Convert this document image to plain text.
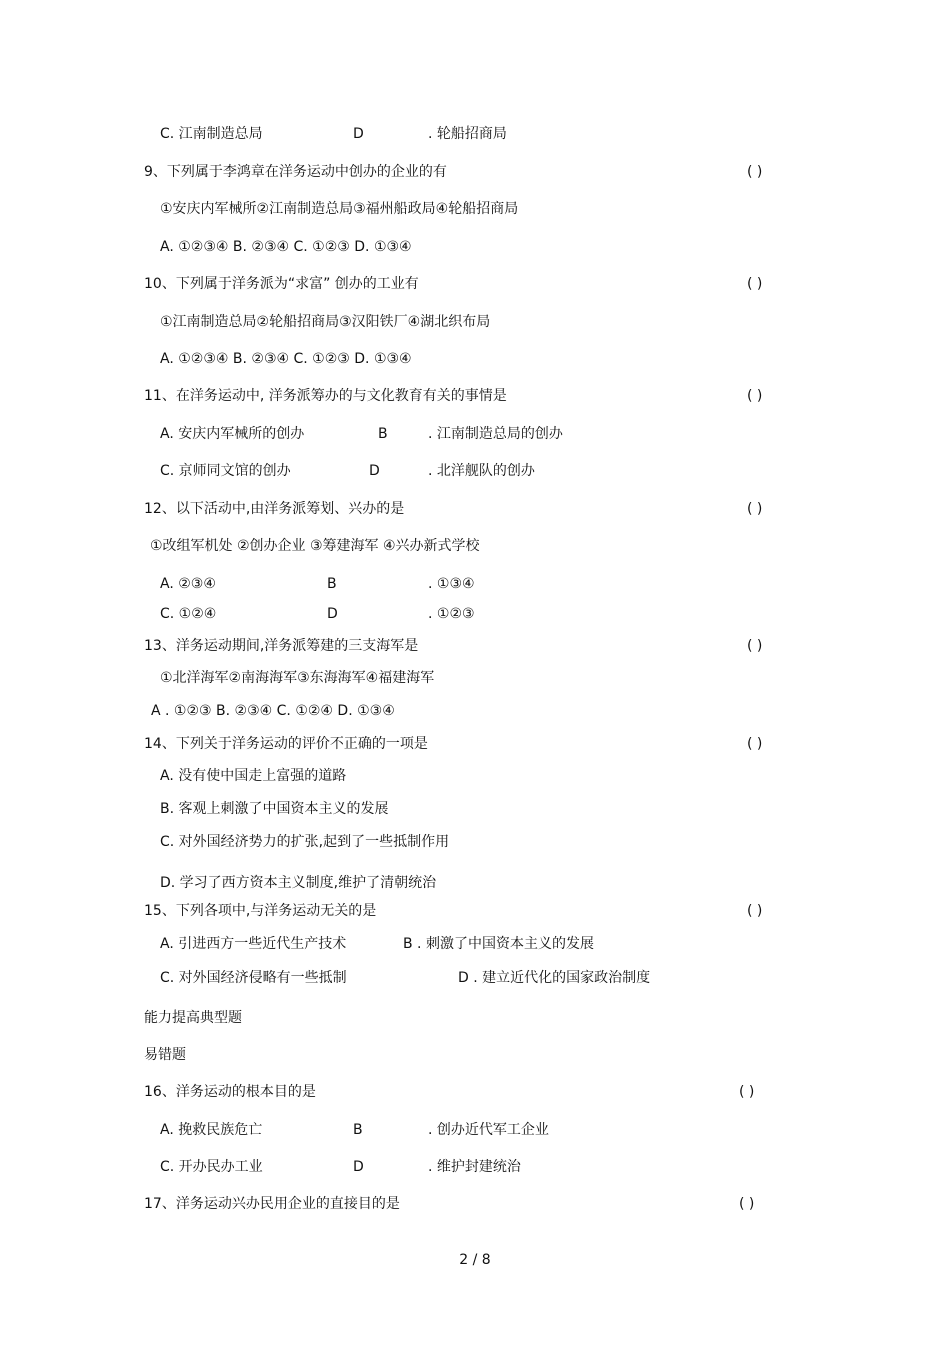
C. 江南制造总局	D	. 轮船招商局
9、下列属于李鸿章在洋务运动中创办的企业的有	( )
①安庆内军械所②江南制造总局③福州船政局④轮船招商局
A. ①②③④ B. ②③④ C. ①②③ D. ①③④
10、下列属于洋务派为“求富” 创办的工业有	( )
①江南制造总局②轮船招商局③汉阳铁厂④湖北织布局
A. ①②③④ B. ②③④ C. ①②③ D. ①③④
11、在洋务运动中, 洋务派筹办的与文化教育有关的事情是	( )
A. 安庆内军械所的创办	B	. 江南制造总局的创办
C. 京师同文馆的创办	D	. 北洋舰队的创办
12、以下活动中,由洋务派筹划、兴办的是	( )
①改组军机处 ②创办企业 ③筹建海军 ④兴办新式学校
A. ②③④	B	. ①③④
C. ①②④	D	. ①②③
13、洋务运动期间,洋务派筹建的三支海军是	( )
①北洋海军②南海海军③东海海军④福建海军
A . ①②③ B. ②③④ C. ①②④ D. ①③④
14、下列关于洋务运动的评价不正确的一项是	( )
A. 没有使中国走上富强的道路
B. 客观上刺激了中国资本主义的发展
C. 对外国经济势力的扩张,起到了一些抵制作用
D. 学习了西方资本主义制度,维护了清朝统治
15、下列各项中,与洋务运动无关的是	( )
A. 引进西方一些近代生产技术	B . 刺激了中国资本主义的发展
C. 对外国经济侵略有一些抵制	D . 建立近代化的国家政治制度
能力提高典型题
易错题
16、洋务运动的根本目的是	( )
A. 挽救民族危亡	B	. 创办近代军工企业
C. 开办民办工业	D	. 维护封建统治
17、洋务运动兴办民用企业的直接目的是	( )
2 / 8
